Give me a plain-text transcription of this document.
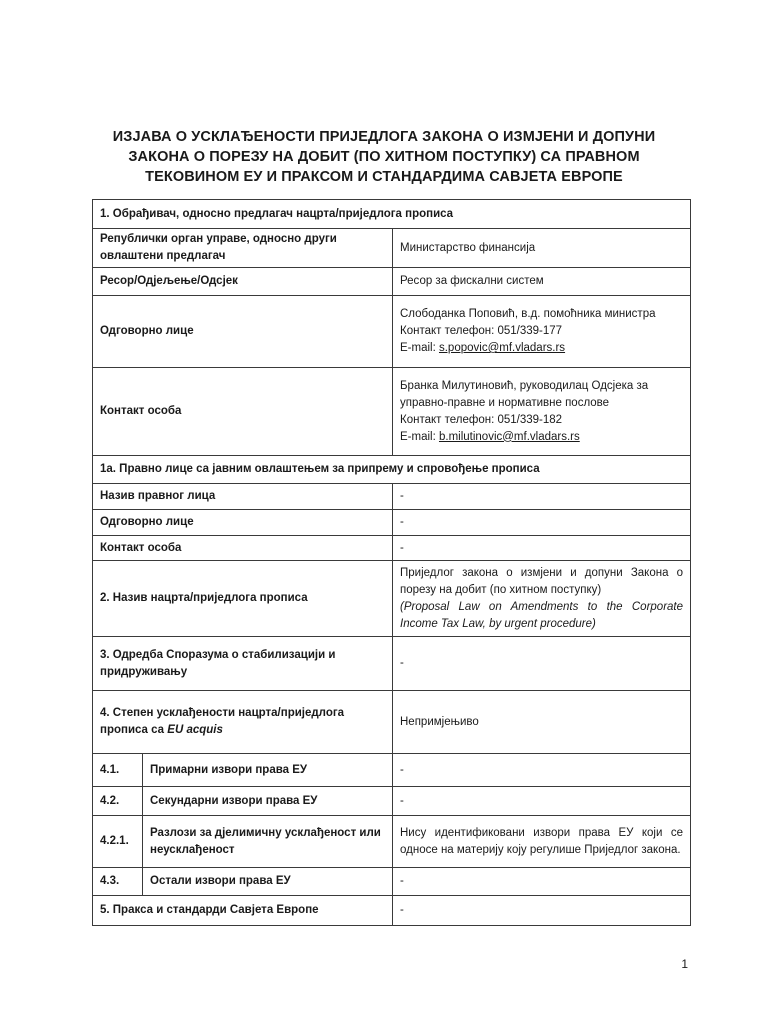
ИЗЈАВА О УСКЛАЂЕНОСТИ ПРИЈЕДЛОГА ЗАКОНА О ИЗМЈЕНИ И ДОПУНИ
ЗАКОНА О ПОРЕЗУ НА ДОБИТ (ПО ХИТНОМ ПОСТУПКУ) СА ПРАВНОМ
ТЕКОВИНОМ ЕУ И ПРАКСОМ И СТАНДАРДИМА САВЈЕТА ЕВРОПЕ
1. Обрађивач, односно предлагач нацрта/приједлога прописа		
Републички орган управе, односно други овлаштени предлагач		Министарство финансија
Ресор/Одјељење/Одсјек		Ресор за фискални систем
Одговорно лице		Слободанка Поповић, в.д. помоћника министра
Контакт телефон: 051/339-177
E-mail: s.popovic@mf.vladars.rs

Контакт особа		Бранка Милутиновић, руководилац Одсјека за управно-правне и нормативне послове
Контакт телефон: 051/339-182
E-mail: b.milutinovic@mf.vladars.rs

1а. Правно лице са јавним овлаштењем за припрему и спровођење прописа		
Назив правног лица		-
Одговорно лице		-
Контакт особа		-
2. Назив нацрта/приједлога прописа		Приједлог закона о измјени и допуни Закона о порезу на добит (по хитном поступку)
(Proposal Law on Amendments to the Corporate Income Tax Law, by urgent procedure)

3. Одредба Споразума о стабилизацији и придруживању		-
4. Степен усклађености нацрта/приједлога прописа са EU acquis		Непримјењиво
4.1.	Примарни извори права ЕУ	-
4.2.	Секундарни извори права ЕУ	-
4.2.1.	Разлози за дјелимичну усклађеност или неусклађеност	Нису идентификовани извори права ЕУ који се односе на материју коју регулише Приједлог закона.
4.3.	Остали извори права ЕУ	-
5. Пракса и стандарди Савјета Европе		-
1
